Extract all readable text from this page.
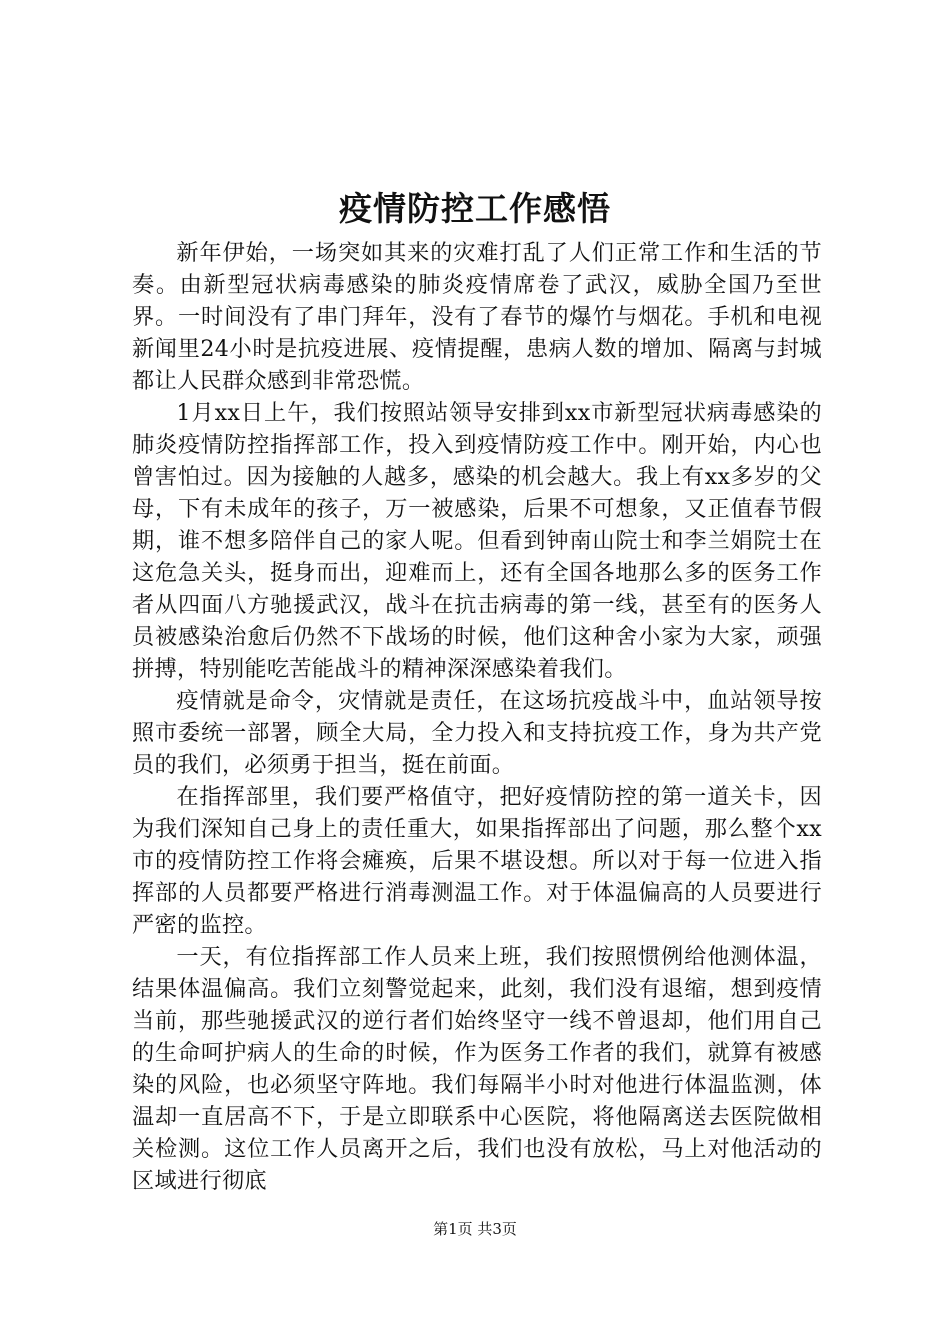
疫情防控工作感悟

新年伊始，一场突如其来的灾难打乱了人们正常工作和生活的节奏。由新型冠状病毒感染的肺炎疫情席卷了武汉，威胁全国乃至世界。一时间没有了串门拜年，没有了春节的爆竹与烟花。手机和电视新闻里24小时是抗疫进展、疫情提醒，患病人数的增加、隔离与封城都让人民群众感到非常恐慌。

1月xx日上午，我们按照站领导安排到xx市新型冠状病毒感染的肺炎疫情防控指挥部工作，投入到疫情防疫工作中。刚开始，内心也曾害怕过。因为接触的人越多，感染的机会越大。我上有xx多岁的父母，下有未成年的孩子，万一被感染，后果不可想象，又正值春节假期，谁不想多陪伴自己的家人呢。但看到钟南山院士和李兰娟院士在这危急关头，挺身而出，迎难而上，还有全国各地那么多的医务工作者从四面八方驰援武汉，战斗在抗击病毒的第一线，甚至有的医务人员被感染治愈后仍然不下战场的时候，他们这种舍小家为大家，顽强拼搏，特别能吃苦能战斗的精神深深感染着我们。

疫情就是命令，灾情就是责任，在这场抗疫战斗中，血站领导按照市委统一部署，顾全大局，全力投入和支持抗疫工作，身为共产党员的我们，必须勇于担当，挺在前面。

在指挥部里，我们要严格值守，把好疫情防控的第一道关卡，因为我们深知自己身上的责任重大，如果指挥部出了问题，那么整个xx市的疫情防控工作将会瘫痪，后果不堪设想。所以对于每一位进入指挥部的人员都要严格进行消毒测温工作。对于体温偏高的人员要进行严密的监控。

一天，有位指挥部工作人员来上班，我们按照惯例给他测体温，结果体温偏高。我们立刻警觉起来，此刻，我们没有退缩，想到疫情当前，那些驰援武汉的逆行者们始终坚守一线不曾退却，他们用自己的生命呵护病人的生命的时候，作为医务工作者的我们，就算有被感染的风险，也必须坚守阵地。我们每隔半小时对他进行体温监测，体温却一直居高不下，于是立即联系中心医院，将他隔离送去医院做相关检测。这位工作人员离开之后，我们也没有放松，马上对他活动的区域进行彻底

第1页 共3页
